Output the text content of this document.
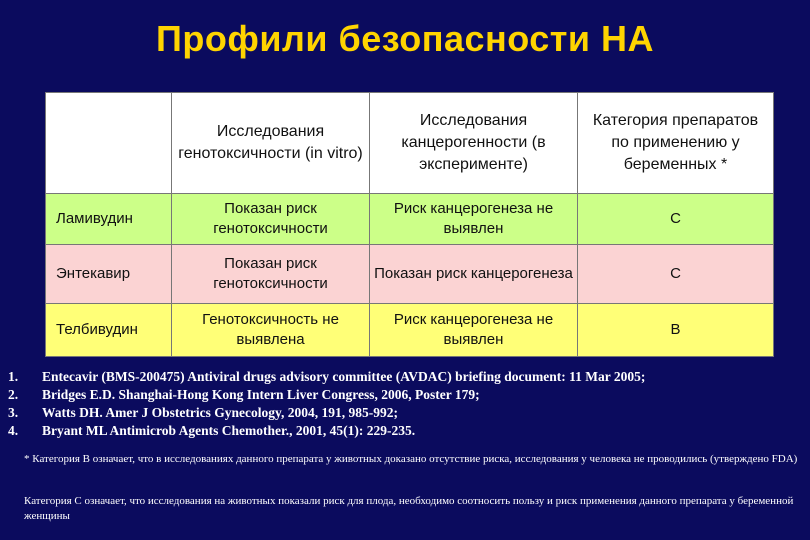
Профили безопасности НА
	Исследования генотоксичности (in vitro)	Исследования канцерогенности (в эксперименте)	Категория препаратов по применению у беременных *
Ламивудин	Показан риск генотоксичности	Риск канцерогенеза не выявлен	C
Энтекавир	Показан риск генотоксичности	Показан риск канцерогенеза	C
Телбивудин	Генотоксичность не выявлена	Риск канцерогенеза не выявлен	B
1.	Entecavir (BMS-200475) Antiviral drugs advisory committee (AVDAC) briefing document: 11 Mar 2005;
2.	Bridges E.D. Shanghai-Hong Kong Intern Liver Congress, 2006, Poster 179;
3.	Watts DH. Amer J Obstetrics Gynecology, 2004, 191, 985-992;
4.	Bryant ML Antimicrob Agents Chemother., 2001, 45(1): 229-235.
* Категория В означает, что в исследованиях данного препарата у животных доказано отсутствие риска, исследования у человека не проводились (утверждено FDA)
Категория С означает, что исследования на животных показали риск для плода, необходимо соотносить пользу и риск применения данного препарата у беременной женщины
